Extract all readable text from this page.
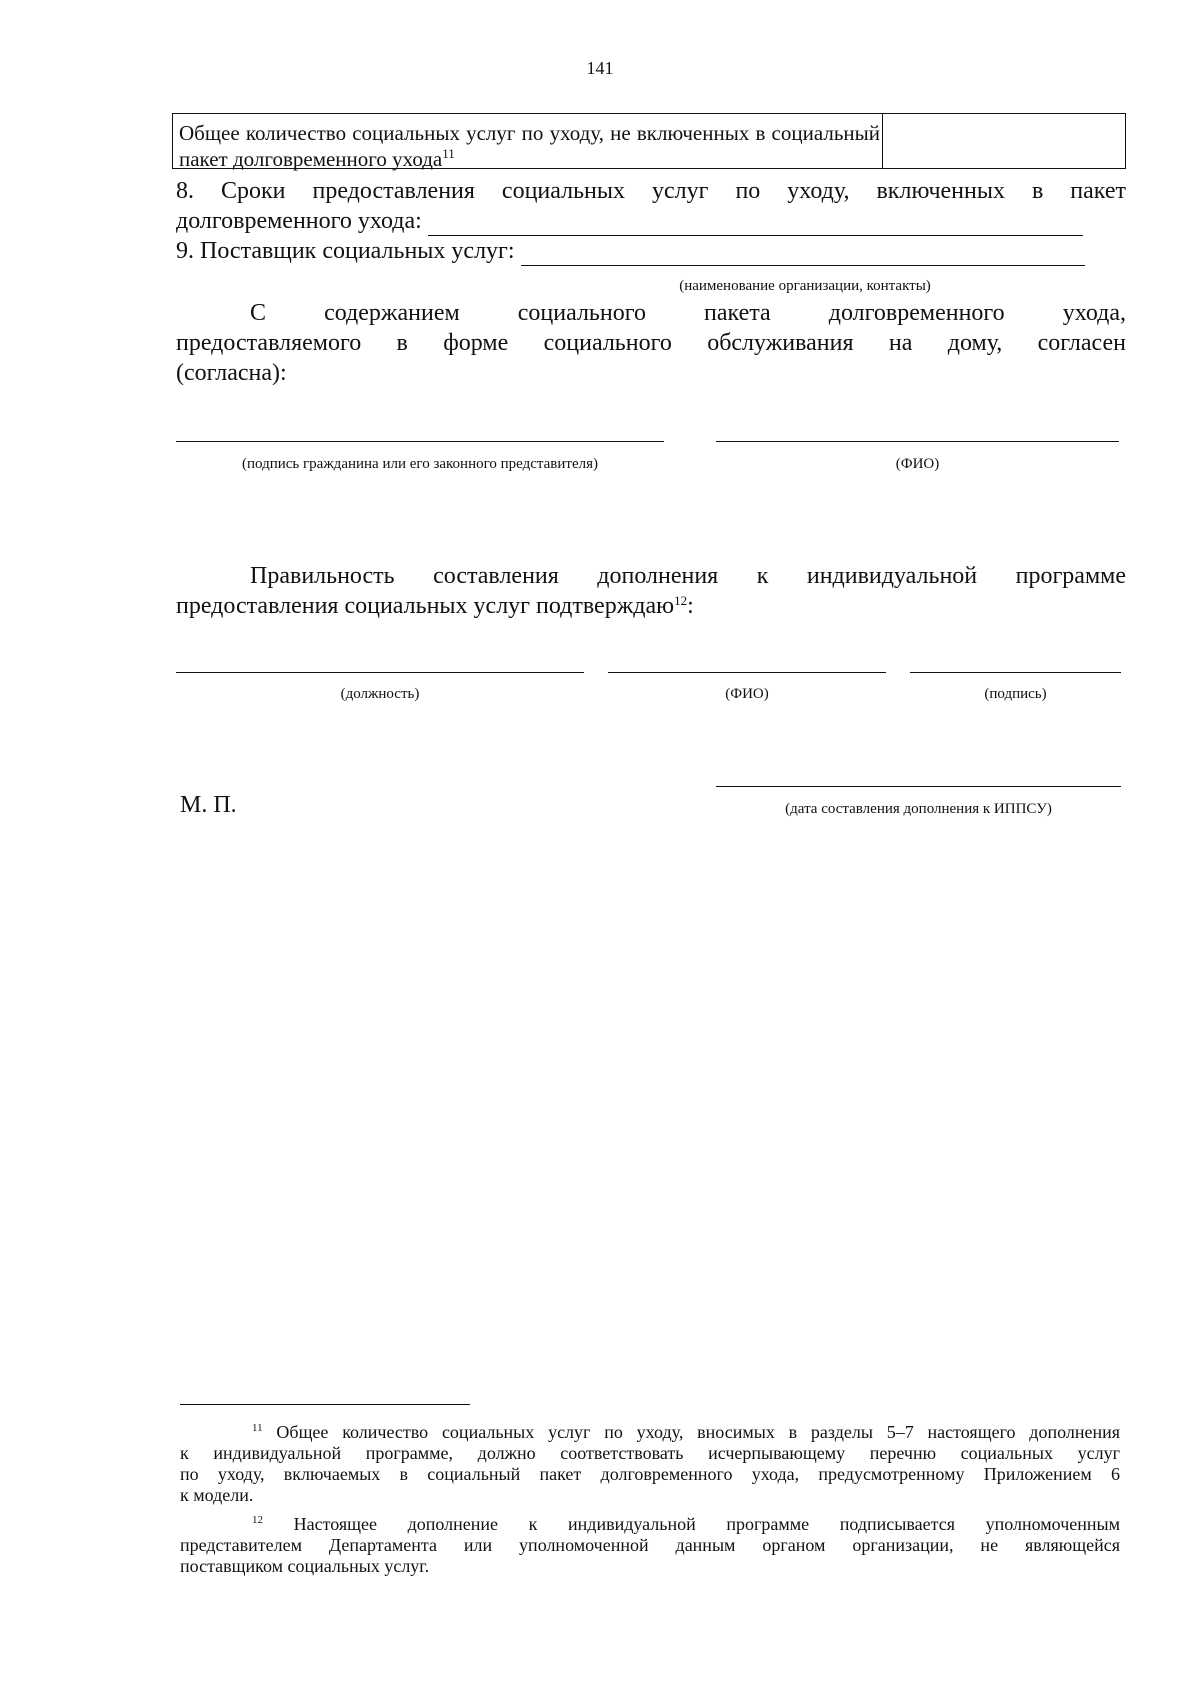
141
Общее количество социальных услуг по уходу, не включенных в социальный пакет долговременного ухода$^{11}$
8. Сроки предоставления социальных услуг по уходу, включенных в пакет
долговременного ухода:
9. Поставщик социальных услуг:
(наименование организации, контакты)
С содержанием социального пакета долговременного ухода,
предоставляемого в форме социального обслуживания на дому, согласен
(согласна):
(подпись гражданина или его законного представителя)	(ФИО)
Правильность составления дополнения к индивидуальной программе
предоставления социальных услуг подтверждаю$^{12}$:
(должность)	(ФИО)	(подпись)
М. П.	(дата составления дополнения к ИППСУ)
$^{11}$ Общее количество социальных услуг по уходу, вносимых в разделы 5–7 настоящего дополнения
к индивидуальной программе, должно соответствовать исчерпывающему перечню социальных услуг
по уходу, включаемых в социальный пакет долговременного ухода, предусмотренному Приложением 6
к модели.
$^{12}$ Настоящее дополнение к индивидуальной программе подписывается уполномоченным
представителем Департамента или уполномоченной данным органом организации, не являющейся
поставщиком социальных услуг.
